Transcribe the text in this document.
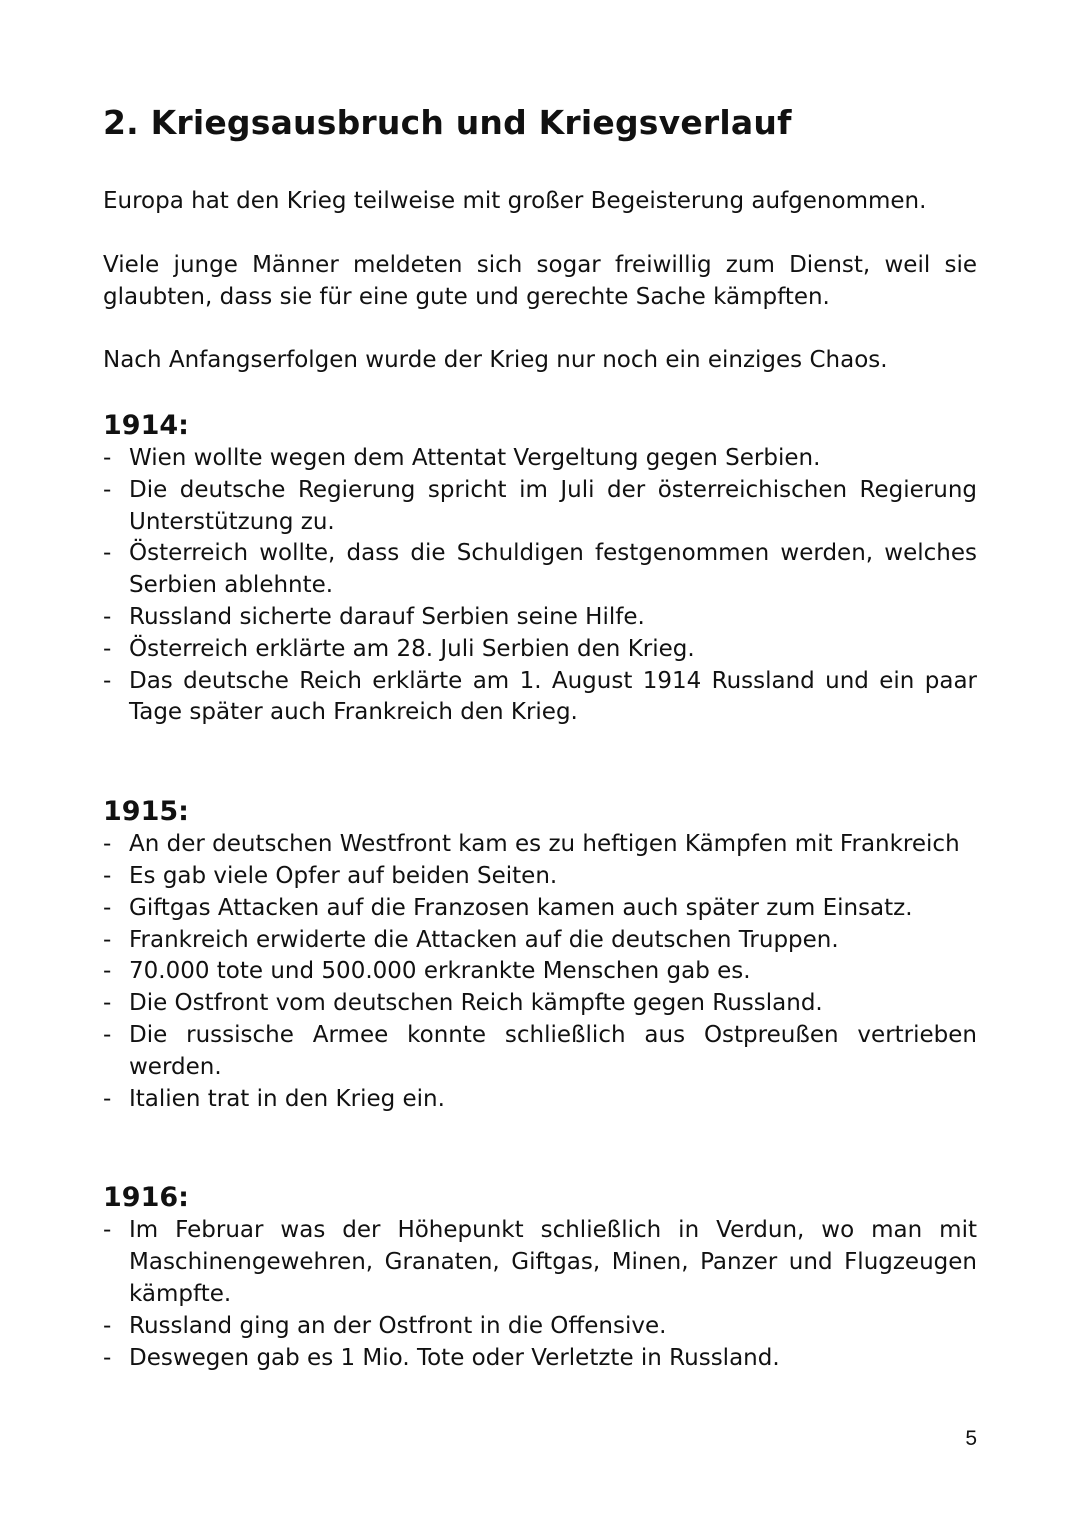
2. Kriegsausbruch und Kriegsverlauf

Europa hat den Krieg teilweise mit großer Begeisterung aufgenommen.

Viele junge Männer meldeten sich sogar freiwillig zum Dienst, weil sie glaubten, dass sie für eine gute und gerechte Sache kämpften.

Nach Anfangserfolgen wurde der Krieg nur noch ein einziges Chaos.

1914:
- Wien wollte wegen dem Attentat Vergeltung gegen Serbien.
- Die deutsche Regierung spricht im Juli der österreichischen Regierung Unterstützung zu.
- Österreich wollte, dass die Schuldigen festgenommen werden, welches Serbien ablehnte.
- Russland sicherte darauf Serbien seine Hilfe.
- Österreich erklärte am 28. Juli Serbien den Krieg.
- Das deutsche Reich erklärte am 1. August 1914 Russland und ein paar Tage später auch Frankreich den Krieg.
1915:
- An der deutschen Westfront kam es zu heftigen Kämpfen mit Frankreich
- Es gab viele Opfer auf beiden Seiten.
- Giftgas Attacken auf die Franzosen kamen auch später zum Einsatz.
- Frankreich erwiderte die Attacken auf die deutschen Truppen.
- 70.000 tote und 500.000 erkrankte Menschen gab es.
- Die Ostfront vom deutschen Reich kämpfte gegen Russland.
- Die russische Armee konnte schließlich aus Ostpreußen vertrieben werden.
- Italien trat in den Krieg ein.
1916:
- Im Februar was der Höhepunkt schließlich in Verdun, wo man mit Maschinengewehren, Granaten, Giftgas, Minen, Panzer und Flugzeugen kämpfte.
- Russland ging an der Ostfront in die Offensive.
- Deswegen gab es 1 Mio. Tote oder Verletzte in Russland.
5
